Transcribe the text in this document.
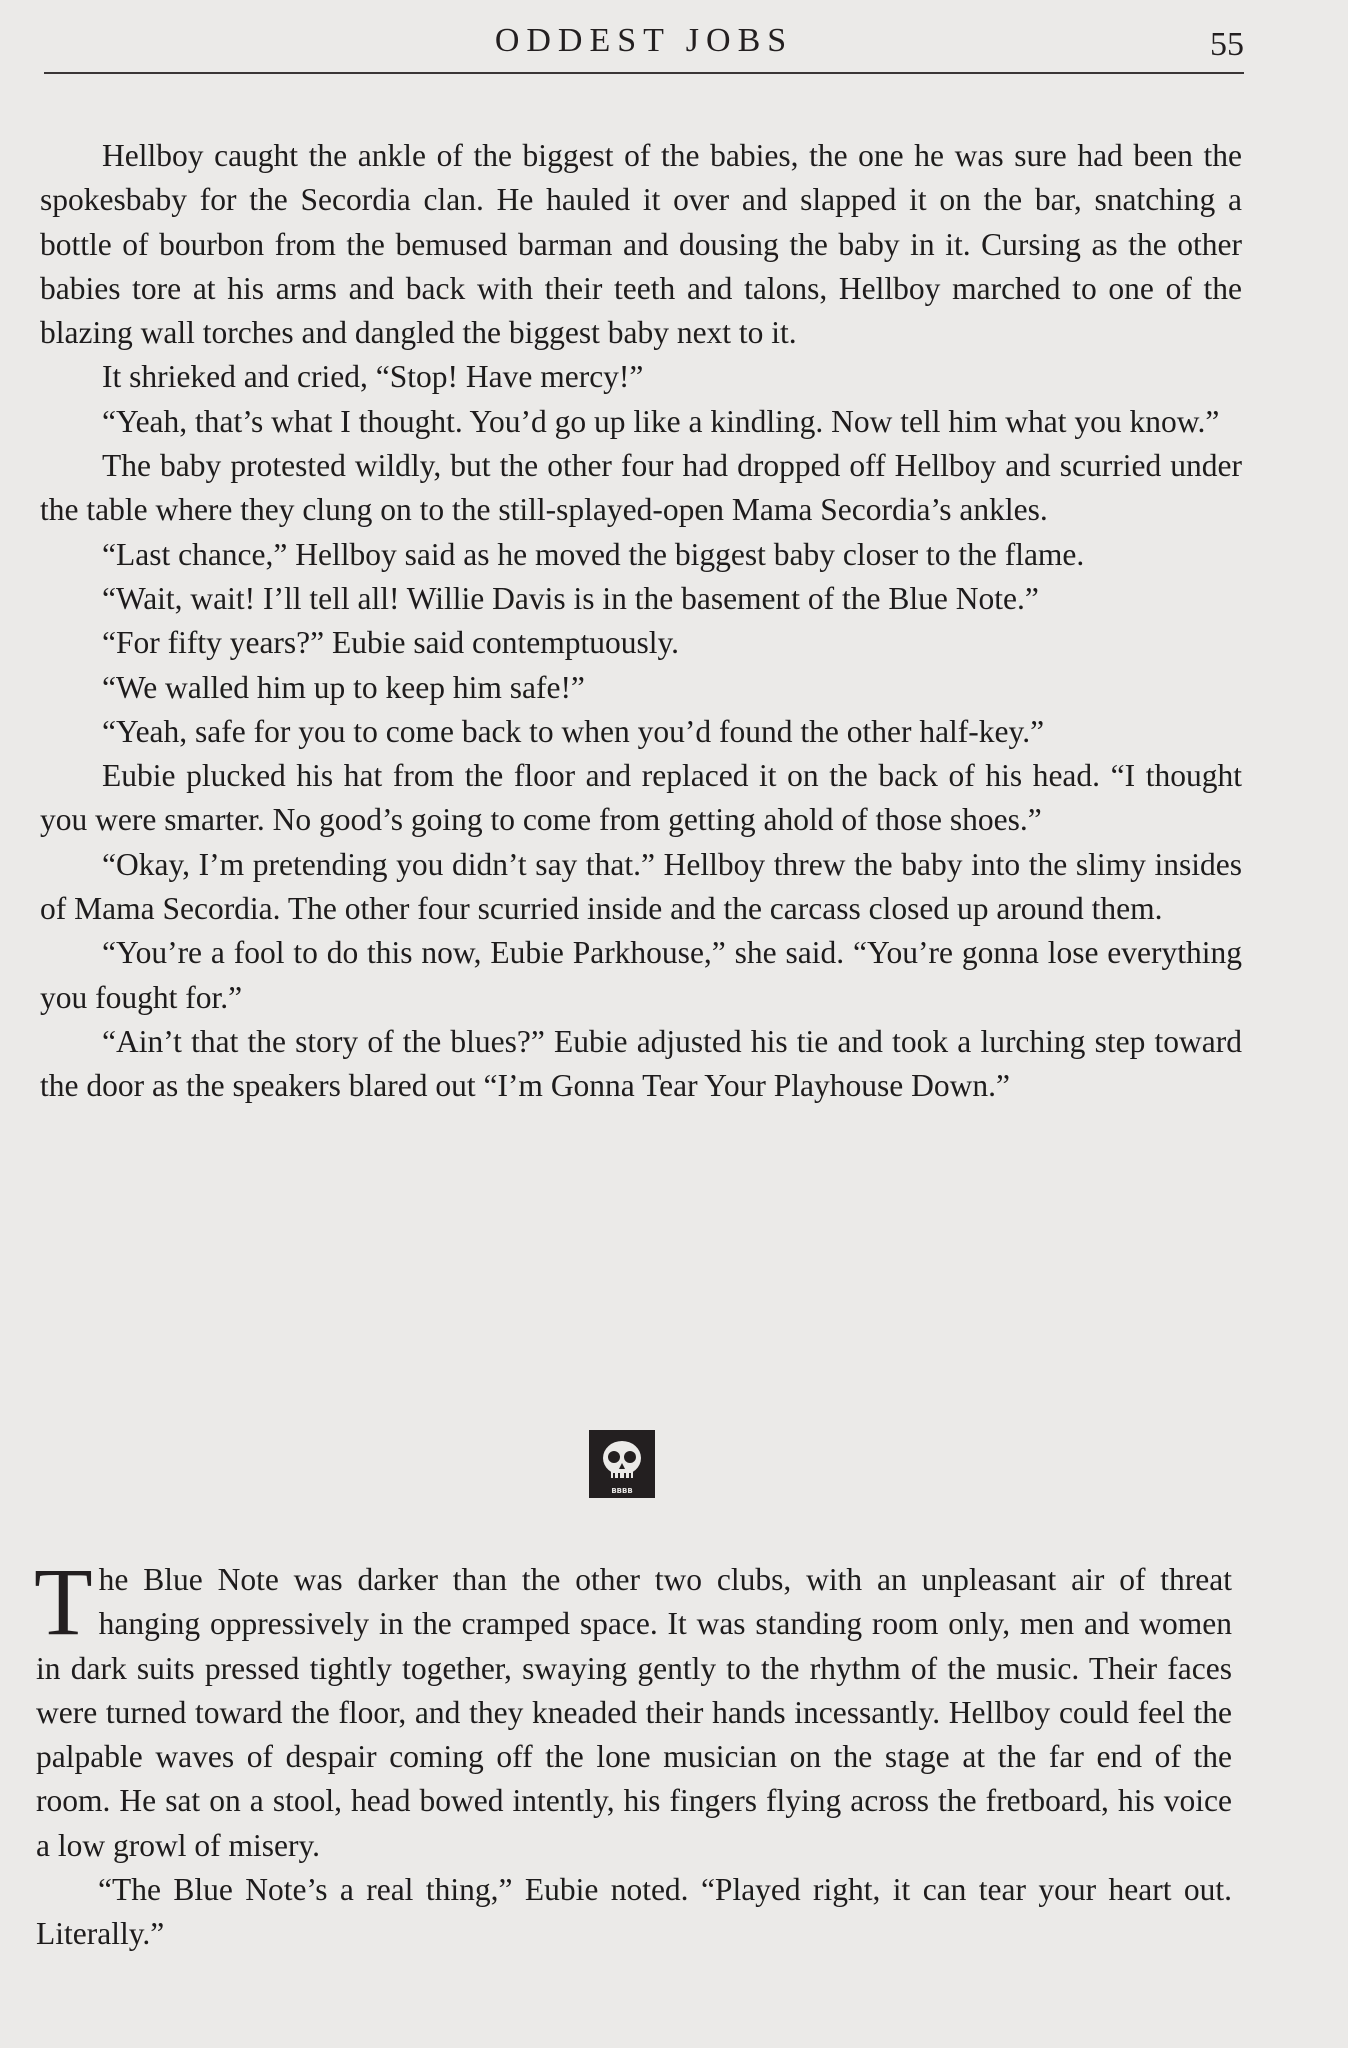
ODDEST JOBS	55

Hellboy caught the ankle of the biggest of the babies, the one he was sure had been the spokesbaby for the Secordia clan. He hauled it over and slapped it on the bar, snatching a bottle of bourbon from the bemused barman and dousing the baby in it. Cursing as the other babies tore at his arms and back with their teeth and talons, Hellboy marched to one of the blazing wall torches and dangled the biggest baby next to it.

It shrieked and cried, “Stop! Have mercy!”

“Yeah, that’s what I thought. You’d go up like a kindling. Now tell him what you know.”

The baby protested wildly, but the other four had dropped off Hellboy and scurried under the table where they clung on to the still-splayed-open Mama Secordia’s ankles.

“Last chance,” Hellboy said as he moved the biggest baby closer to the flame.

“Wait, wait! I’ll tell all! Willie Davis is in the basement of the Blue Note.”

“For fifty years?” Eubie said contemptuously.

“We walled him up to keep him safe!”

“Yeah, safe for you to come back to when you’d found the other half-key.”

Eubie plucked his hat from the floor and replaced it on the back of his head. “I thought you were smarter. No good’s going to come from getting ahold of those shoes.”

“Okay, I’m pretending you didn’t say that.” Hellboy threw the baby into the slimy insides of Mama Secordia. The other four scurried inside and the carcass closed up around them.

“You’re a fool to do this now, Eubie Parkhouse,” she said. “You’re gonna lose everything you fought for.”

“Ain’t that the story of the blues?” Eubie adjusted his tie and took a lurching step toward the door as the speakers blared out “I’m Gonna Tear Your Playhouse Down.”

BBBB

The Blue Note was darker than the other two clubs, with an unpleasant air of threat hanging oppressively in the cramped space. It was standing room only, men and women in dark suits pressed tightly together, swaying gently to the rhythm of the music. Their faces were turned toward the floor, and they kneaded their hands incessantly. Hellboy could feel the palpable waves of despair coming off the lone musician on the stage at the far end of the room. He sat on a stool, head bowed intently, his fingers flying across the fretboard, his voice a low growl of misery.

“The Blue Note’s a real thing,” Eubie noted. “Played right, it can tear your heart out. Literally.”
